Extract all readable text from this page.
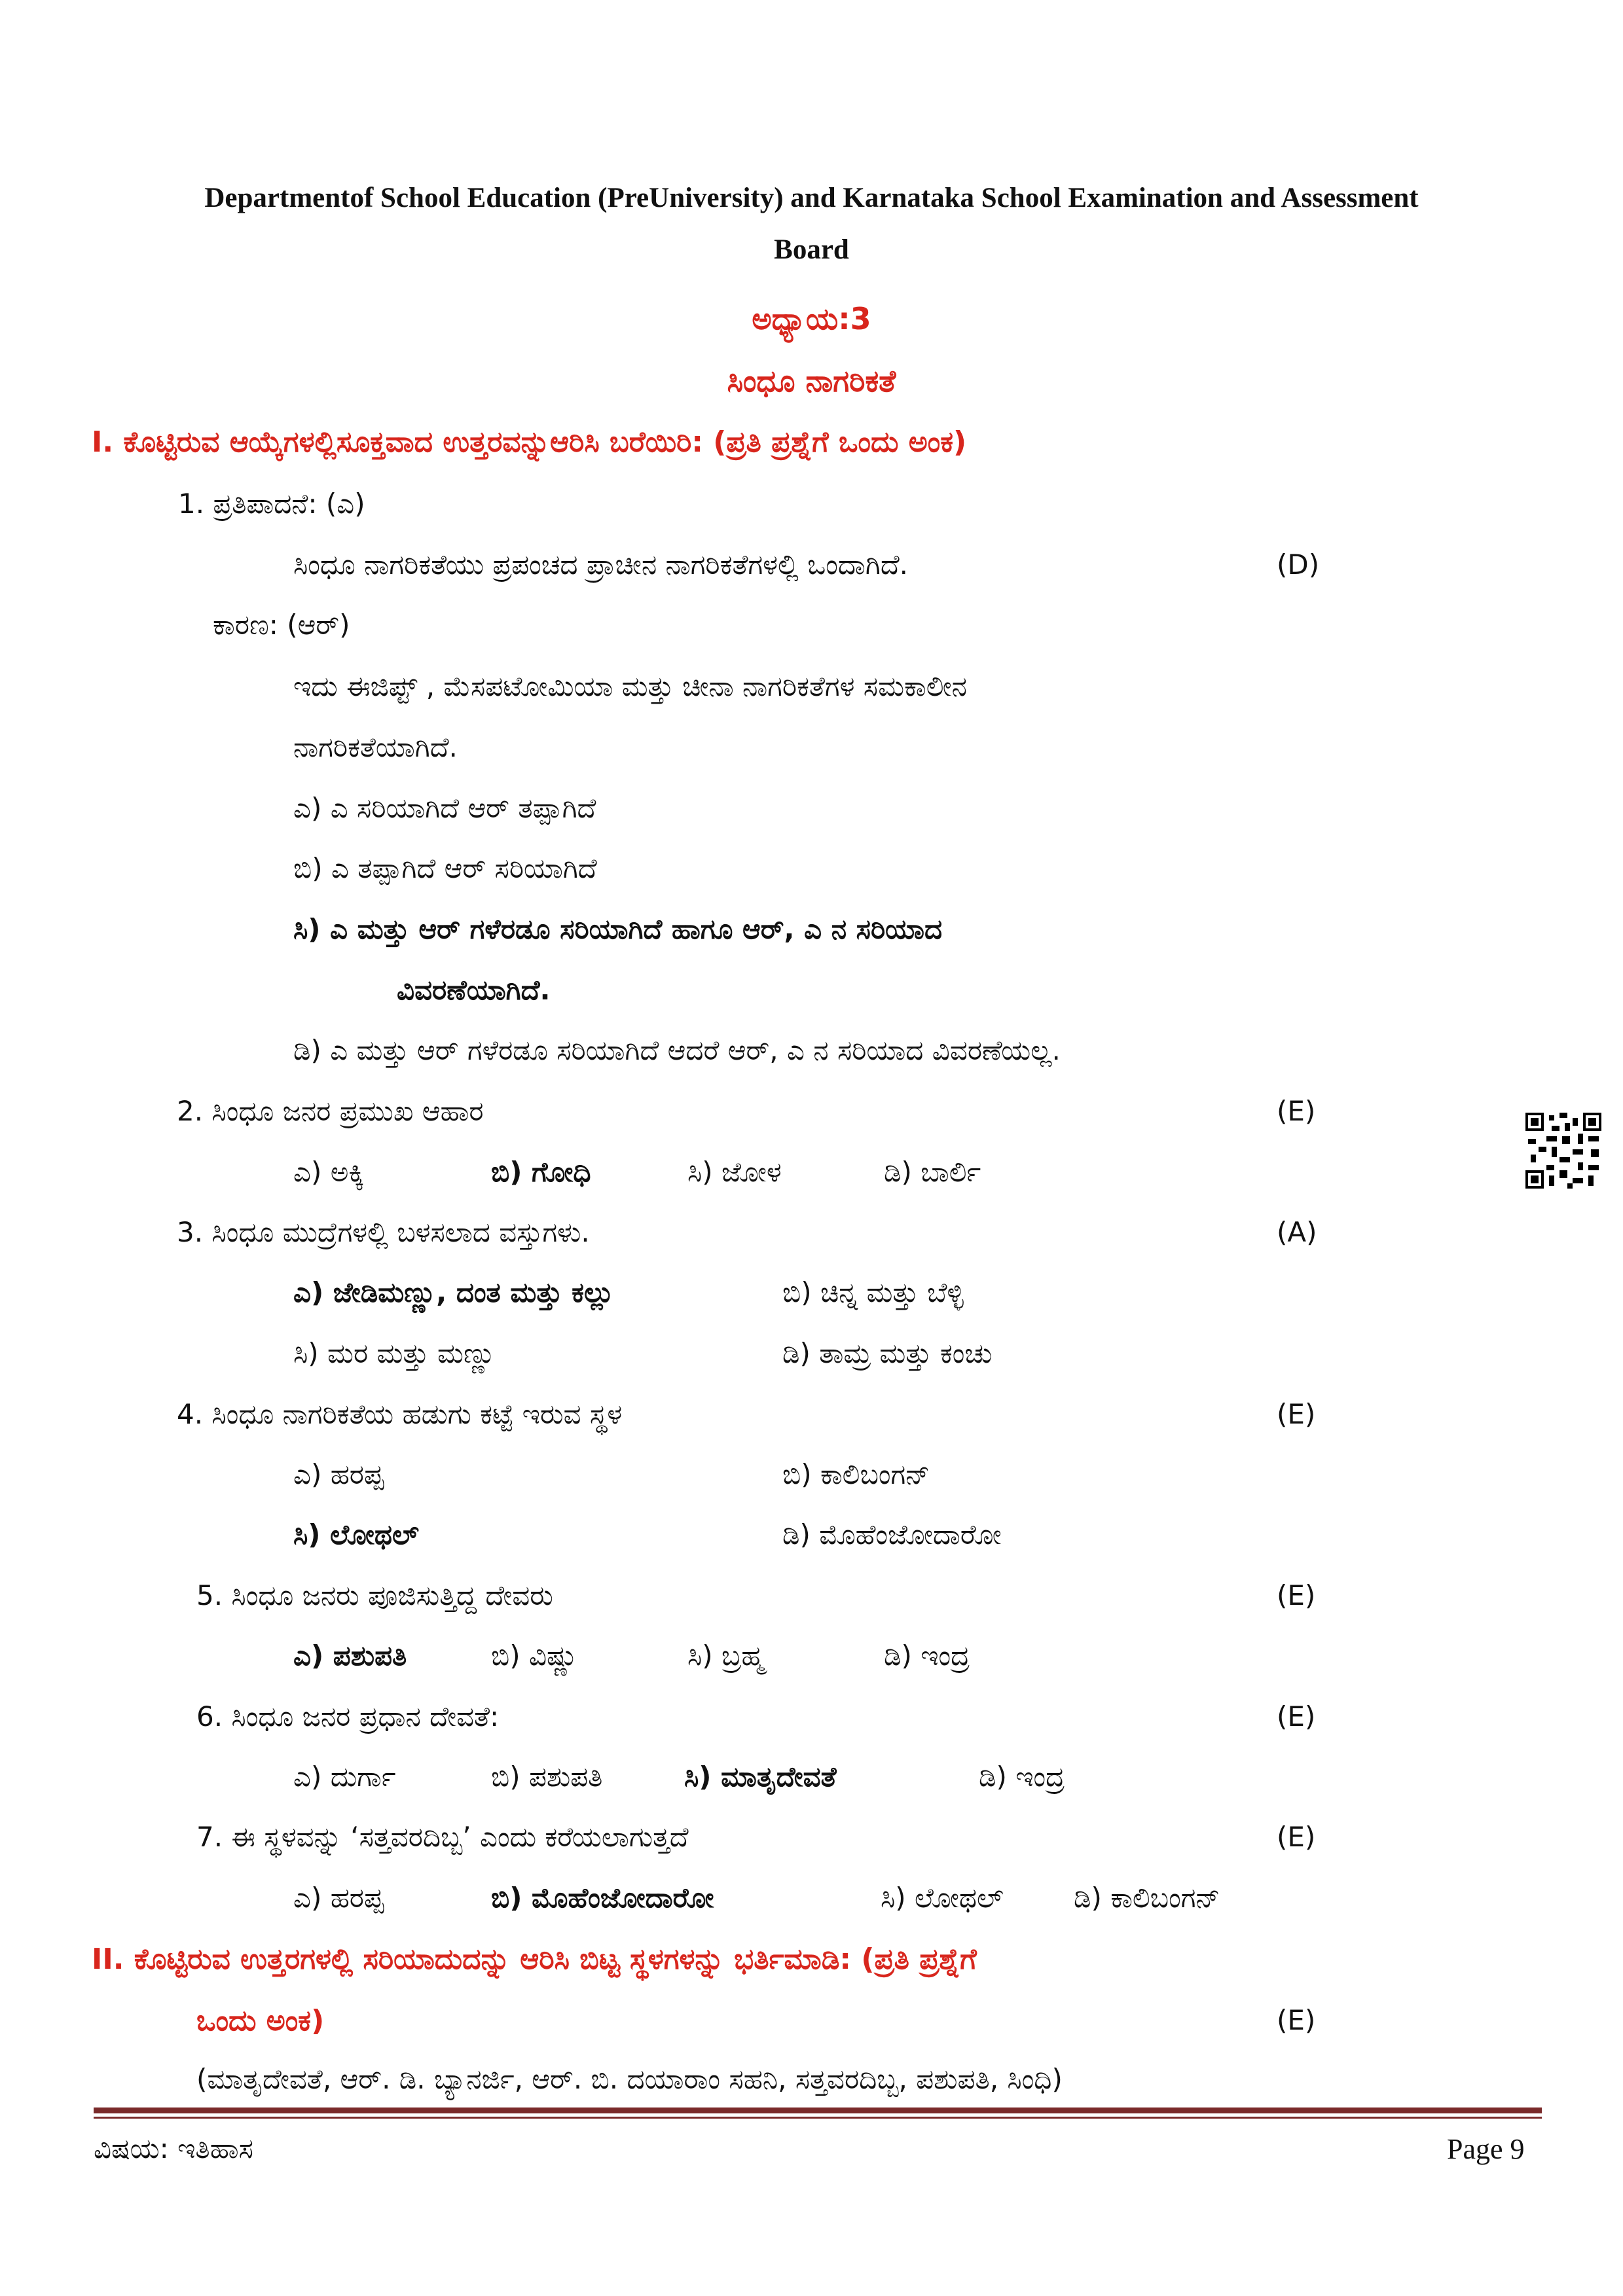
Departmentof School Education (PreUniversity) and Karnataka School Examination and Assessment
Board
ಅಧ್ಯಾಯ:3
ಸಿಂಧೂ ನಾಗರಿಕತೆ
I. ಕೊಟ್ಟಿರುವ ಆಯ್ಕೆಗಳಲ್ಲಿಸೂಕ್ತವಾದ ಉತ್ತರವನ್ನುಆರಿಸಿ ಬರೆಯಿರಿ: (ಪ್ರತಿ ಪ್ರಶ್ನೆಗೆ ಒಂದು ಅಂಕ)
1. ಪ್ರತಿಪಾದನೆ: (ಎ)
ಸಿಂಧೂ ನಾಗರಿಕತೆಯು ಪ್ರಪಂಚದ ಪ್ರಾಚೀನ ನಾಗರಿಕತೆಗಳಲ್ಲಿ ಒಂದಾಗಿದೆ.	(D)
ಕಾರಣ: (ಆರ್)
ಇದು ಈಜಿಪ್ಟ್ , ಮೆಸಪಟೋಮಿಯಾ ಮತ್ತು ಚೀನಾ ನಾಗರಿಕತೆಗಳ ಸಮಕಾಲೀನ
ನಾಗರಿಕತೆಯಾಗಿದೆ.
ಎ) ಎ ಸರಿಯಾಗಿದೆ ಆರ್ ತಪ್ಪಾಗಿದೆ
ಬಿ) ಎ ತಪ್ಪಾಗಿದೆ ಆರ್ ಸರಿಯಾಗಿದೆ
ಸಿ) ಎ ಮತ್ತು ಆರ್ ಗಳೆರಡೂ ಸರಿಯಾಗಿದೆ ಹಾಗೂ ಆರ್, ಎ ನ ಸರಿಯಾದ
ವಿವರಣೆಯಾಗಿದೆ.
ಡಿ) ಎ ಮತ್ತು ಆರ್ ಗಳೆರಡೂ ಸರಿಯಾಗಿದೆ ಆದರೆ ಆರ್, ಎ ನ ಸರಿಯಾದ ವಿವರಣೆಯಲ್ಲ.
2. ಸಿಂಧೂ ಜನರ ಪ್ರಮುಖ ಆಹಾರ	(E)
ಎ) ಅಕ್ಕಿ	ಬಿ) ಗೋಧಿ	ಸಿ) ಜೋಳ	ಡಿ) ಬಾರ್ಲಿ
3. ಸಿಂಧೂ ಮುದ್ರೆಗಳಲ್ಲಿ ಬಳಸಲಾದ ವಸ್ತುಗಳು.	(A)
ಎ) ಜೇಡಿಮಣ್ಣು, ದಂತ ಮತ್ತು ಕಲ್ಲು	ಬಿ) ಚಿನ್ನ ಮತ್ತು ಬೆಳ್ಳಿ
ಸಿ) ಮರ ಮತ್ತು ಮಣ್ಣು	ಡಿ) ತಾಮ್ರ ಮತ್ತು ಕಂಚು
4. ಸಿಂಧೂ ನಾಗರಿಕತೆಯ ಹಡುಗು ಕಟ್ಟೆ ಇರುವ ಸ್ಥಳ	(E)
ಎ) ಹರಪ್ಪ	ಬಿ) ಕಾಲಿಬಂಗನ್
ಸಿ) ಲೋಥಲ್	ಡಿ) ಮೊಹೆಂಜೋದಾರೋ
5. ಸಿಂಧೂ ಜನರು ಪೂಜಿಸುತ್ತಿದ್ದ ದೇವರು	(E)
ಎ) ಪಶುಪತಿ	ಬಿ) ವಿಷ್ಣು	ಸಿ) ಬ್ರಹ್ಮ	ಡಿ) ಇಂದ್ರ
6. ಸಿಂಧೂ ಜನರ ಪ್ರಧಾನ ದೇವತೆ:	(E)
ಎ) ದುರ್ಗಾ	ಬಿ) ಪಶುಪತಿ	ಸಿ) ಮಾತೃದೇವತೆ	ಡಿ) ಇಂದ್ರ
7. ಈ ಸ್ಥಳವನ್ನು ‘ಸತ್ತವರದಿಬ್ಬ’ ಎಂದು ಕರೆಯಲಾಗುತ್ತದೆ	(E)
ಎ) ಹರಪ್ಪ	ಬಿ) ಮೊಹೆಂಜೋದಾರೋ	ಸಿ) ಲೋಥಲ್	ಡಿ) ಕಾಲಿಬಂಗನ್
II. ಕೊಟ್ಟಿರುವ ಉತ್ತರಗಳಲ್ಲಿ ಸರಿಯಾದುದನ್ನು ಆರಿಸಿ ಬಿಟ್ಟ ಸ್ಥಳಗಳನ್ನು ಭರ್ತಿಮಾಡಿ: (ಪ್ರತಿ ಪ್ರಶ್ನೆಗೆ
ಒಂದು ಅಂಕ)	(E)
(ಮಾತೃದೇವತೆ, ಆರ್. ಡಿ. ಬ್ಯಾನರ್ಜಿ, ಆರ್. ಬಿ. ದಯಾರಾಂ ಸಹನಿ, ಸತ್ತವರದಿಬ್ಬ, ಪಶುಪತಿ, ಸಿಂಧಿ)
ವಿಷಯ: ಇತಿಹಾಸ	Page 9
